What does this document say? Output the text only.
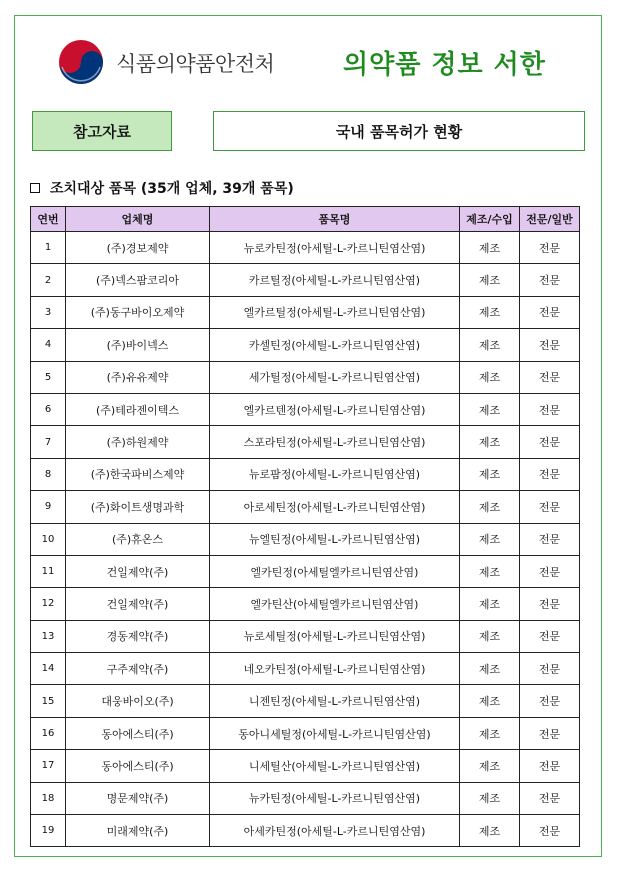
식품의약품안전처	의약품 정보 서한
참고자료	국내 품목허가 현황
조치대상 품목 (35개 업체, 39개 품목)
연번	업체명	품목명	제조/수입	전문/일반
1	(주)경보제약	뉴로카틴정(아세틸-L-카르니틴염산염)	제조	전문
2	(주)넥스팜코리아	카르틸정(아세틸-L-카르니틴염산염)	제조	전문
3	(주)동구바이오제약	엘카르틸정(아세틸-L-카르니틴염산염)	제조	전문
4	(주)바이넥스	카셀틴정(아세틸-L-카르니틴염산염)	제조	전문
5	(주)유유제약	세가틸정(아세틸-L-카르니틴염산염)	제조	전문
6	(주)테라젠이텍스	엘카르텐정(아세틸-L-카르니틴염산염)	제조	전문
7	(주)하원제약	스포라틴정(아세틸-L-카르니틴염산염)	제조	전문
8	(주)한국파비스제약	뉴로팜정(아세틸-L-카르니틴염산염)	제조	전문
9	(주)화이트생명과학	아로세틴정(아세틸-L-카르니틴염산염)	제조	전문
10	(주)휴온스	뉴엘틴정(아세틸-L-카르니틴염산염)	제조	전문
11	건일제약(주)	엘카틴정(아세틸엘카르니틴염산염)	제조	전문
12	건일제약(주)	엘카틴산(아세틸엘카르니틴염산염)	제조	전문
13	경동제약(주)	뉴로세틸정(아세틸-L-카르니틴염산염)	제조	전문
14	구주제약(주)	네오카틴정(아세틸-L-카르니틴염산염)	제조	전문
15	대웅바이오(주)	니젠틴정(아세틸-L-카르니틴염산염)	제조	전문
16	동아에스티(주)	동아니세틸정(아세틸-L-카르니틴염산염)	제조	전문
17	동아에스티(주)	니세틸산(아세틸-L-카르니틴염산염)	제조	전문
18	명문제약(주)	뉴카틴정(아세틸-L-카르니틴염산염)	제조	전문
19	미래제약(주)	아세카틴정(아세틸-L-카르니틴염산염)	제조	전문
